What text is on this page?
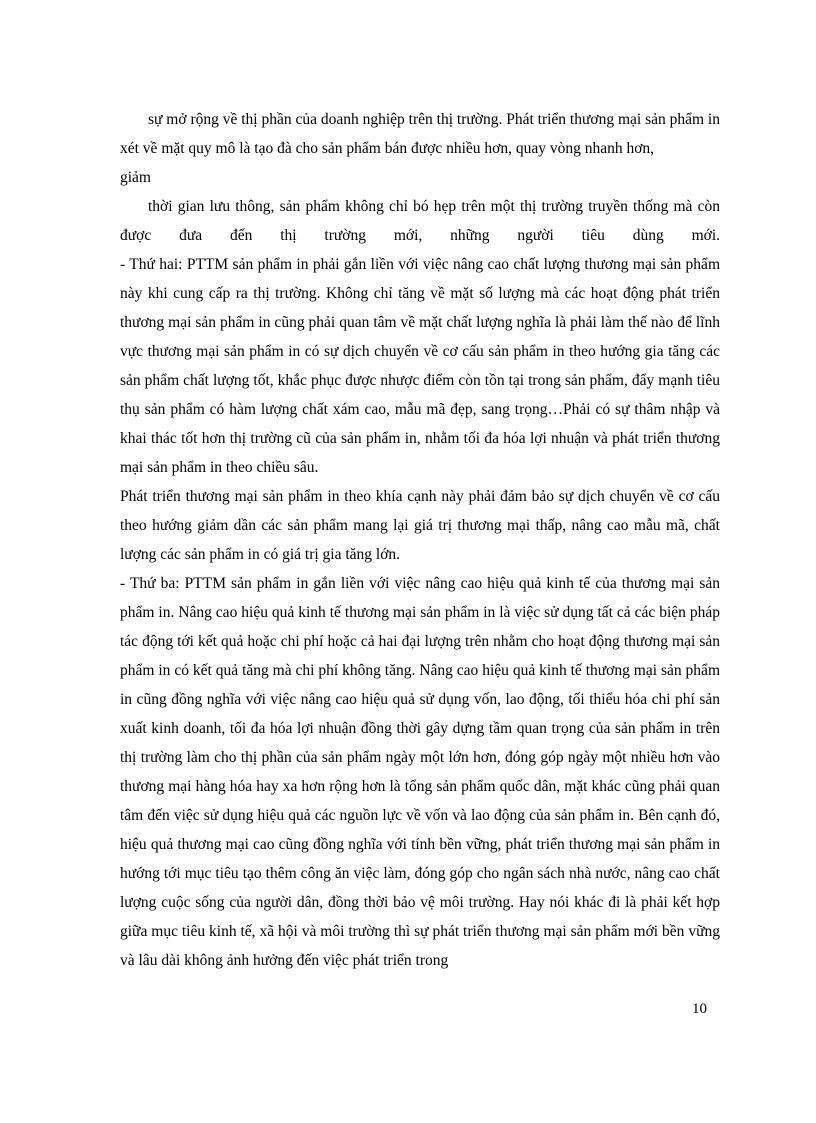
sự mở rộng về thị phần của doanh nghiệp trên thị trường. Phát triển thương mại sản phẩm in xét về mặt quy mô là tạo đà cho sản phẩm bán được nhiều hơn, quay vòng nhanh hơn,

giảm

thời gian lưu thông, sản phẩm không chỉ bó hẹp trên một thị trường truyền thống mà còn được đưa đến thị trường mới, những người tiêu dùng mới.

- Thứ hai: PTTM sản phẩm in phải gắn liền với việc nâng cao chất lượng thương mại sản phẩm này khi cung cấp ra thị trường. Không chỉ tăng về mặt số lượng mà các hoạt động phát triển thương mại sản phẩm in cũng phải quan tâm về mặt chất lượng nghĩa là phải làm thế nào để lĩnh vực thương mại sản phẩm in có sự dịch chuyển về cơ cấu sản phẩm in theo hướng gia tăng các sản phẩm chất lượng tốt, khắc phục được nhược điểm còn tồn tại trong sản phẩm, đẩy mạnh tiêu thụ sản phẩm có hàm lượng chất xám cao, mẫu mã đẹp, sang trọng…Phải có sự thâm nhập và khai thác tốt hơn thị trường cũ của sản phẩm in, nhằm tối đa hóa lợi nhuận và phát triển thương mại sản phẩm in theo chiều sâu.

Phát triển thương mại sản phẩm in theo khía cạnh này phải đảm bảo sự dịch chuyển về cơ cấu theo hướng giảm dần các sản phẩm mang lại giá trị thương mại thấp, nâng cao mẫu mã, chất lượng các sản phẩm in có giá trị gia tăng lớn.

- Thứ ba: PTTM sản phẩm in gắn liền với việc nâng cao hiệu quả kinh tế của thương mại sản phẩm in. Nâng cao hiệu quả kinh tế thương mại sản phẩm in là việc sử dụng tất cả các biện pháp tác động tới kết quả hoặc chi phí hoặc cả hai đại lượng trên nhằm cho hoạt động thương mại sản phẩm in có kết quả tăng mà chi phí không tăng. Nâng cao hiệu quả kinh tế thương mại sản phẩm in cũng đồng nghĩa với việc nâng cao hiệu quả sử dụng vốn, lao động, tối thiểu hóa chi phí sản xuất kinh doanh, tối đa hóa lợi nhuận đồng thời gây dựng tầm quan trọng của sản phẩm in trên thị trường làm cho thị phần của sản phẩm ngày một lớn hơn, đóng góp ngày một nhiều hơn vào thương mại hàng hóa hay xa hơn rộng hơn là tổng sản phẩm quốc dân, mặt khác cũng phải quan tâm đến việc sử dụng hiệu quả các nguồn lực về vốn và lao động của sản phẩm in. Bên cạnh đó, hiệu quả thương mại cao cũng đồng nghĩa với tính bền vững, phát triển thương mại sản phẩm in hướng tới mục tiêu tạo thêm công ăn việc làm, đóng góp cho ngân sách nhà nước, nâng cao chất lượng cuộc sống của người dân, đồng thời bảo vệ môi trường. Hay nói khác đi là phải kết hợp giữa mục tiêu kinh tế, xã hội và môi trường thì sự phát triển thương mại sản phẩm mới bền vững và lâu dài không ảnh hưởng đến việc phát triển trong

10
